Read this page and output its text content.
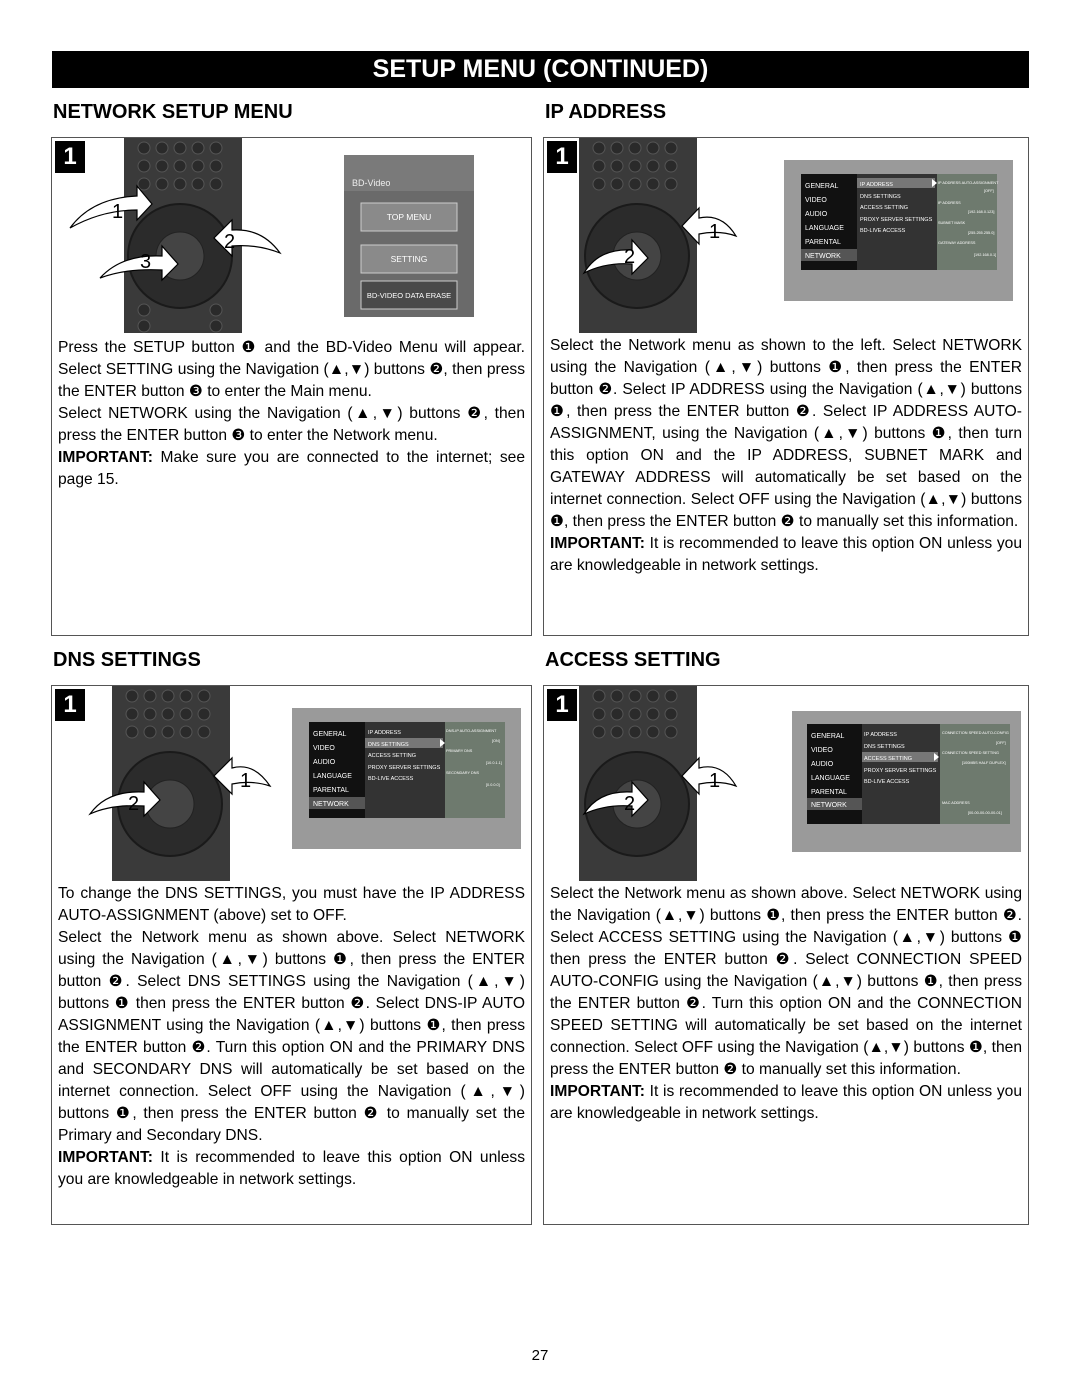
SETUP MENU (CONTINUED)
NETWORK SETUP MENU	IP ADDRESS
DNS SETTINGS	ACCESS SETTING
1
1
2
3
BD-Video
TOP MENU
SETTING
BD-VIDEO DATA ERASE

Press the SETUP button ❶ and the BD-Video Menu will appear. Select SETTING using the Navigation (▲,▼) buttons ❷, then press the ENTER button ❸ to enter the Main menu.

Select NETWORK using the Navigation (▲,▼) buttons ❷, then press the ENTER button ❸ to enter the Network menu.

IMPORTANT: Make sure you are connected to the internet; see page 15.

1
1
2
GENERAL
VIDEO
AUDIO
LANGUAGE
PARENTAL
NETWORK
IP ADDRESS
DNS SETTINGS
ACCESS SETTING
PROXY SERVER SETTINGS
BD-LIVE ACCESS
IP ADDRESS AUTO-ASSIGNMENT
[OFF]
IP ADDRESS
[192.168.0.123]
SUBNET MASK
[255.255.255.0]
GATEWAY ADDRESS
[192.168.0.1]

Select the Network menu as shown to the left. Select NETWORK using the Navigation (▲,▼) buttons ❶, then press the ENTER button ❷. Select IP ADDRESS using the Navigation (▲,▼) buttons ❶, then press the ENTER button ❷. Select IP ADDRESS AUTO-ASSIGNMENT, using the Navigation (▲,▼) buttons ❶, then turn this option ON and the IP ADDRESS, SUBNET MARK and GATEWAY ADDRESS will automatically be set based on the internet connection. Select OFF using the Navigation (▲,▼) buttons ❶, then press the ENTER button ❷ to manually set this information.

IMPORTANT: It is recommended to leave this option ON unless you are knowledgeable in network settings.

1
1
2
GENERAL
VIDEO
AUDIO
LANGUAGE
PARENTAL
NETWORK
IP ADDRESS
DNS SETTINGS
ACCESS SETTING
PROXY SERVER SETTINGS
BD-LIVE ACCESS
DNS-IP AUTO-ASSIGNMENT
[ON]
PRIMARY DNS
[10.0.1.1]
SECONDARY DNS
[0.0.0.0]

To change the DNS SETTINGS, you must have the IP ADDRESS AUTO-ASSIGNMENT (above) set to OFF.

Select the Network menu as shown above. Select NETWORK using the Navigation (▲,▼) buttons ❶, then press the ENTER button ❷. Select DNS SETTINGS using the Navigation (▲,▼) buttons ❶ then press the ENTER button ❷. Select DNS-IP AUTO ASSIGNMENT using the Navigation (▲,▼) buttons ❶, then press the ENTER button ❷. Turn this option ON and the PRIMARY DNS and SECONDARY DNS will automatically be set based on the internet connection. Select OFF using the Navigation (▲,▼) buttons ❶, then press the ENTER button ❷ to manually set the Primary and Secondary DNS.

IMPORTANT: It is recommended to leave this option ON unless you are knowledgeable in network settings.

1
1
2
GENERAL
VIDEO
AUDIO
LANGUAGE
PARENTAL
NETWORK
IP ADDRESS
DNS SETTINGS
ACCESS SETTING
PROXY SERVER SETTINGS
BD-LIVE ACCESS
CONNECTION SPEED AUTO-CONFIG
[OFF]
CONNECTION SPEED SETTING
[100MBS HALF DUPLEX]
MAC ADDRESS
[00-00-00-00-00-01]

Select the Network menu as shown above. Select NETWORK using the Navigation (▲,▼) buttons ❶, then press the ENTER button ❷. Select ACCESS SETTING using the Navigation (▲,▼) buttons ❶ then press the ENTER button ❷. Select CONNECTION SPEED AUTO-CONFIG using the Navigation (▲,▼) buttons ❶, then press the ENTER button ❷. Turn this option ON and the CONNECTION SPEED SETTING will automatically be set based on the internet connection. Select OFF using the Navigation (▲,▼) buttons ❶, then press the ENTER button ❷ to manually set this information.

IMPORTANT: It is recommended to leave this option ON unless you are knowledgeable in network settings.

27
